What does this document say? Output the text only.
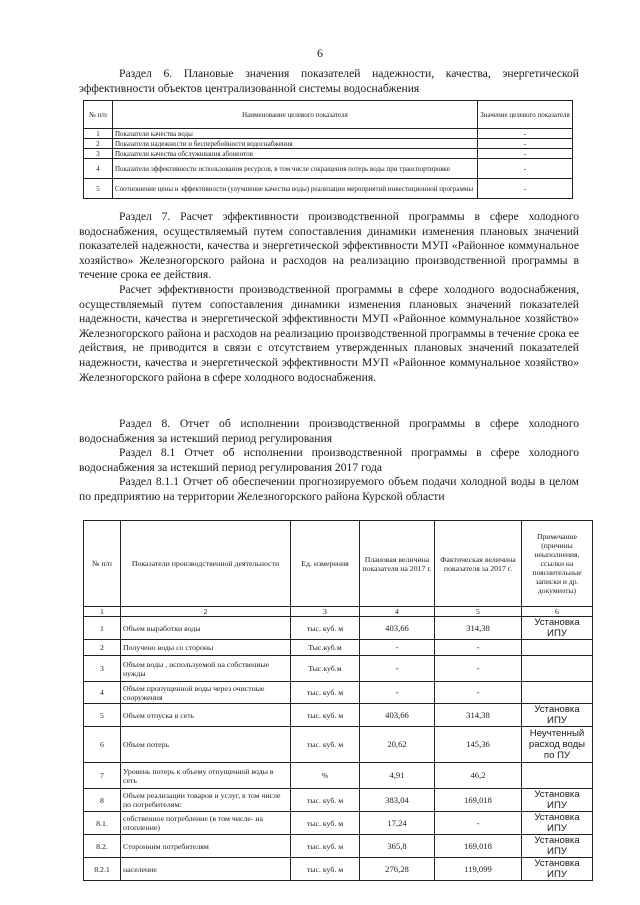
6
Раздел 6. Плановые значения показателей надежности, качества, энергетической эффективности объектов централизованной системы водоснабжения
№ п/п	Наименование целевого показателя	Значение целевого показателя
1	Показатели качества воды	-
2	Показатели надежности и бесперебойности водоснабжения	-
3	Показатели качества обслуживания абонентов	-
4	Показатели эффективности использования ресурсов, в том числе сокращения потерь воды при транспортировке	-
5	Соотношение цены и эффективности (улучшение качества воды) реализации мероприятий инвестиционной программы	-
Раздел 7. Расчет эффективности производственной программы в сфере холодного водоснабжения, осуществляемый путем сопоставления динамики изменения плановых значений показателей надежности, качества и энергетической эффективности МУП «Районное коммунальное хозяйство» Железногорского района и расходов на реализацию производственной программы в течение срока ее действия.
Расчет эффективности производственной программы в сфере холодного водоснабжения, осуществляемый путем сопоставления динамики изменения плановых значений показателей надежности, качества и энергетической эффективности МУП «Районное коммунальное хозяйство» Железногорского района и расходов на реализацию производственной программы в течение срока ее действия, не приводится в связи с отсутствием утвержденных плановых значений показателей надежности, качества и энергетической эффективности МУП «Районное коммунальное хозяйство» Железногорского района в сфере холодного водоснабжения.
Раздел 8. Отчет об исполнении производственной программы в сфере холодного водоснабжения за истекший период регулирования
Раздел 8.1 Отчет об исполнении производственной программы в сфере холодного водоснабжения за истекший период регулирования 2017 года
Раздел 8.1.1 Отчет об обеспечении прогнозируемого объем подачи холодной воды в целом по предприятию на территории Железногорского района Курской области
№ п/п	Показатели производственной деятельности	Ед. измерения	Плановая величина показателя на 2017 г.	Фактическая величина показателя за 2017 г.	Примечание (причины неыполнения, ссылки на пояснительные записки и др. документы)
1	2	3	4	5	6
1	Объем выработки воды	тыс. куб. м	403,66	314,38	Установка ИПУ
2	Получено воды со стороны	Тыс.куб.м	-	-	
3	Объем воды , используемой на собственные нужды	Тыс.куб.м	-	-	
4	Объем пропущенной воды через очистные сооружения	тыс. куб. м	-	-	
5	Объем отпуска в сеть	тыс. куб. м	403,66	314,38	Установка ИПУ
6	Объем потерь	тыс. куб. м	20,62	145,36	Неучтенный расход воды по ПУ
7	Уровень потерь к объему отпущенной воды в сеть	%	4,91	46,2	
8	Объем реализации товаров и услуг, в том числе по потребителям:	тыс. куб. м	383,04	169,018	Установка ИПУ
8.1.	собственное потребление (в том числе- на отопление)	тыс. куб. м	17,24	-	Установка ИПУ
8.2.	Сторонним потребителям	тыс. куб. м	365,8	169,018	Установка ИПУ
8.2.1	население	тыс. куб. м	276,28	119,099	Установка ИПУ
